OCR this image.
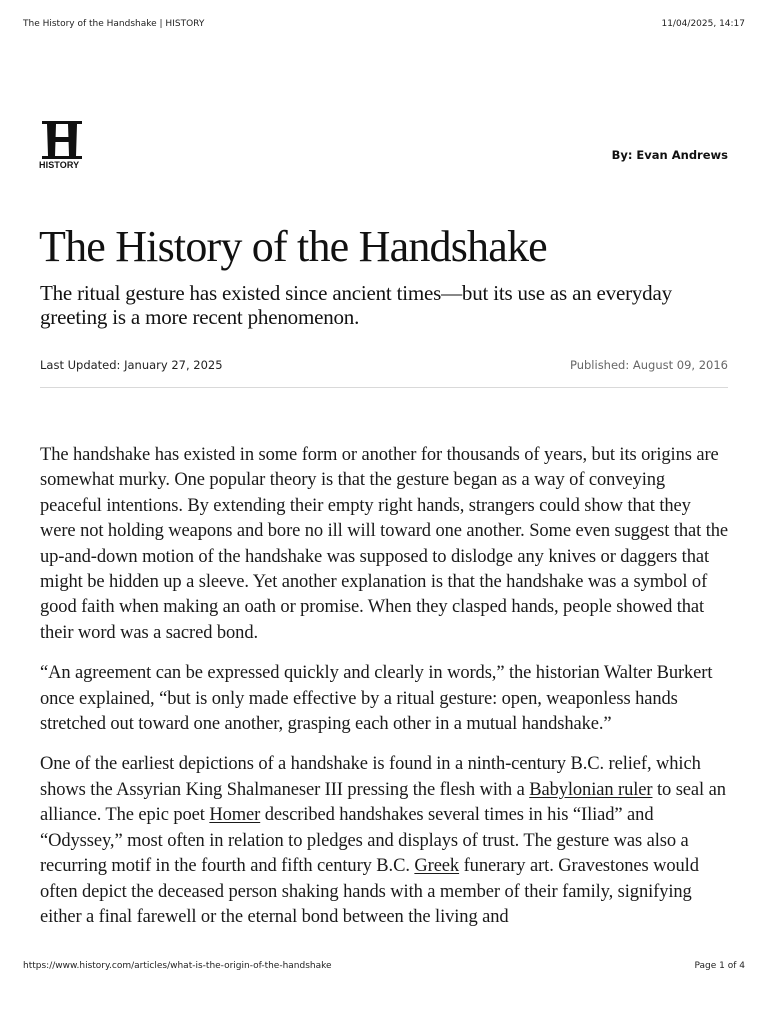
The History of the Handshake | HISTORY	11/04/2025, 14:17
HISTORY
By: Evan Andrews
The History of the Handshake

The ritual gesture has existed since ancient times—but its use as an everyday greeting is a more recent phenomenon.

Last Updated: January 27, 2025	Published: August 09, 2016

The handshake has existed in some form or another for thousands of years, but its origins are somewhat murky. One popular theory is that the gesture began as a way of conveying peaceful intentions. By extending their empty right hands, strangers could show that they were not holding weapons and bore no ill will toward one another. Some even suggest that the up-and-down motion of the handshake was supposed to dislodge any knives or daggers that might be hidden up a sleeve. Yet another explanation is that the handshake was a symbol of good faith when making an oath or promise. When they clasped hands, people showed that their word was a sacred bond.

“An agreement can be expressed quickly and clearly in words,” the historian Walter Burkert once explained, “but is only made effective by a ritual gesture: open, weaponless hands stretched out toward one another, grasping each other in a mutual handshake.”

One of the earliest depictions of a handshake is found in a ninth-century B.C. relief, which shows the Assyrian King Shalmaneser III pressing the flesh with a Babylonian ruler to seal an alliance. The epic poet Homer described handshakes several times in his “Iliad” and “Odyssey,” most often in relation to pledges and displays of trust. The gesture was also a recurring motif in the fourth and fifth century B.C. Greek funerary art. Gravestones would often depict the deceased person shaking hands with a member of their family, signifying either a final farewell or the eternal bond between the living and

https://www.history.com/articles/what-is-the-origin-of-the-handshake	Page 1 of 4
